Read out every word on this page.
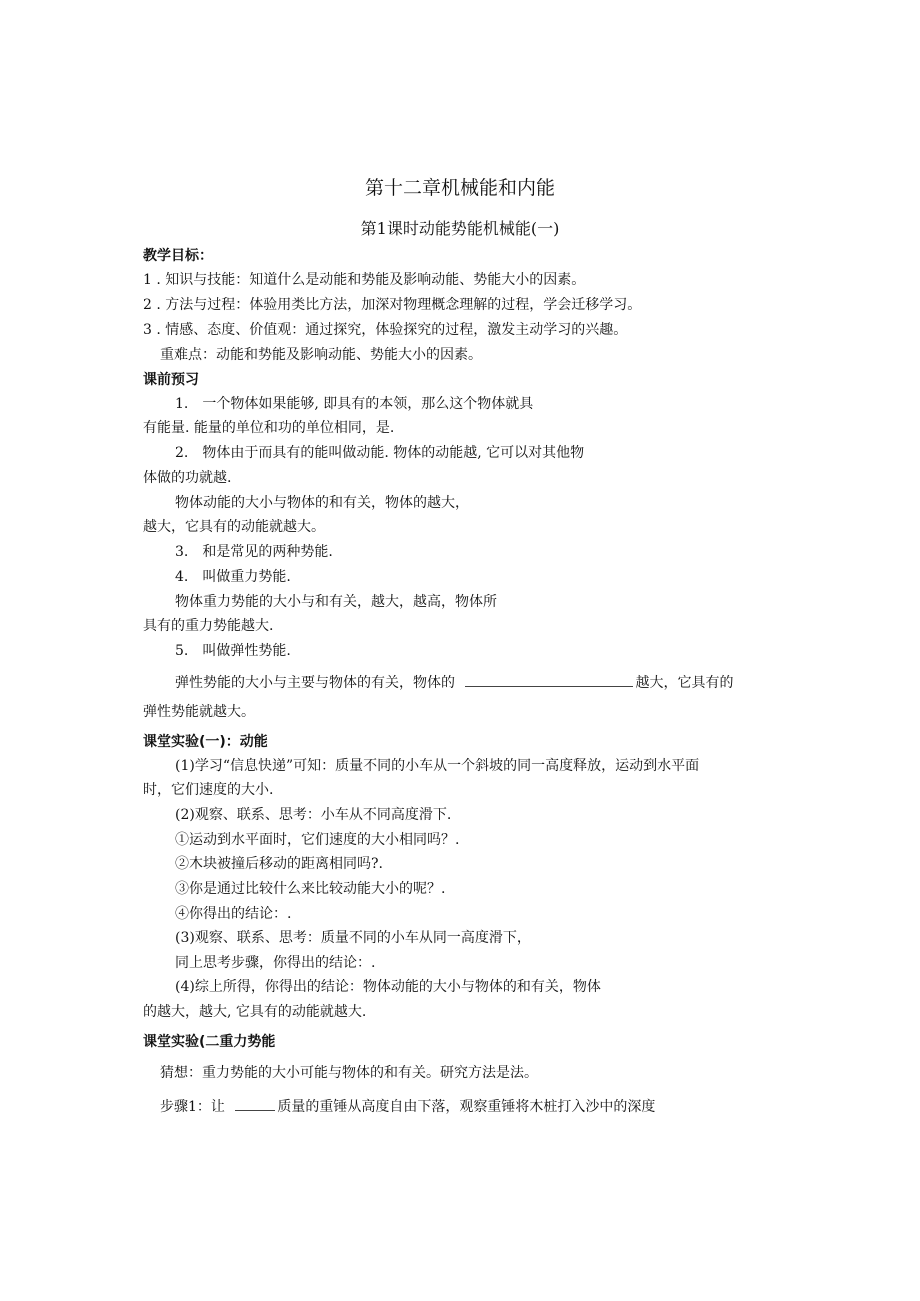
第十二章机械能和内能
第1课时动能势能机械能(一)
教学目标：
1 . 知识与技能：知道什么是动能和势能及影响动能、势能大小的因素。
2 . 方法与过程：体验用类比方法，加深对物理概念理解的过程，学会迁移学习。
3 . 情感、态度、价值观：通过探究，体验探究的过程，激发主动学习的兴趣。
重难点：动能和势能及影响动能、势能大小的因素。
课前预习
1.　一个物体如果能够, 即具有的本领，那么这个物体就具
有能量. 能量的单位和功的单位相同，是.
2.　物体由于而具有的能叫做动能. 物体的动能越, 它可以对其他物
体做的功就越.
物体动能的大小与物体的和有关，物体的越大，
越大，它具有的动能就越大。
3.　和是常见的两种势能.
4.　叫做重力势能.
物体重力势能的大小与和有关，越大，越高，物体所
具有的重力势能越大.
5.　叫做弹性势能.
弹性势能的大小与主要与物体的有关，物体的	越大，它具有的
弹性势能就越大。
课堂实验(一)：动能
(1)学习“信息快递”可知：质量不同的小车从一个斜坡的同一高度释放，运动到水平面
时，它们速度的大小.
(2)观察、联系、思考：小车从不同高度滑下.
①运动到水平面时，它们速度的大小相同吗？.
②木块被撞后移动的距离相同吗?.
③你是通过比较什么来比较动能大小的呢？.
④你得出的结论：.
(3)观察、联系、思考：质量不同的小车从同一高度滑下，
同上思考步骤，你得出的结论：.
(4)综上所得，你得出的结论：物体动能的大小与物体的和有关，物体
的越大，越大, 它具有的动能就越大.
课堂实验(二重力势能
猜想：重力势能的大小可能与物体的和有关。研究方法是法。
步骤1：让	质量的重锤从高度自由下落，观察重锤将木桩打入沙中的深度
